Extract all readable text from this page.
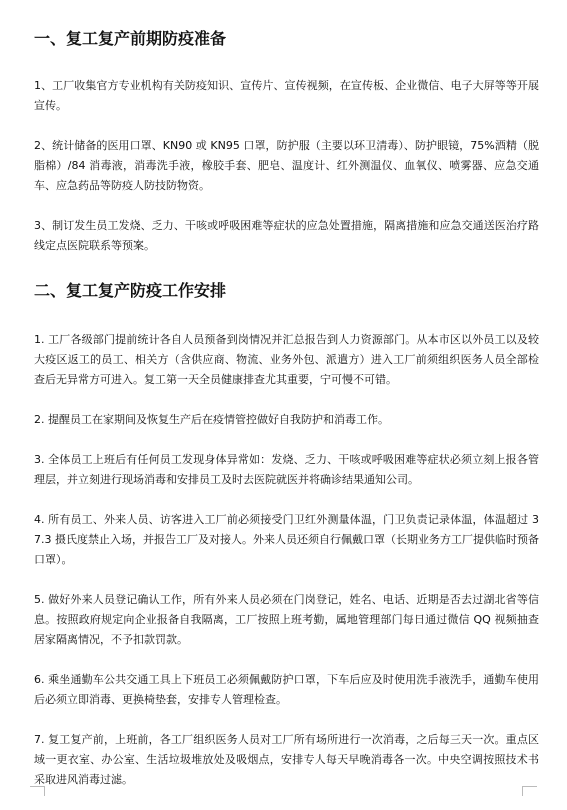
一、复工复产前期防疫准备

1、工厂收集官方专业机构有关防疫知识、宣传片、宣传视频，在宣传板、企业微信、电子大屏等等开展宣传。

2、统计储备的医用口罩、KN90 或 KN95 口罩，防护服（主要以环卫清毒）、防护眼镜，75%酒精（脱脂棉）/84 消毒液，消毒洗手液，橡胶手套、肥皂、温度计、红外测温仪、血氧仪、喷雾器、应急交通车、应急药品等防疫人防技防物资。

3、制订发生员工发烧、乏力、干咳或呼吸困难等症状的应急处置措施，隔离措施和应急交通送医治疗路线定点医院联系等预案。

二、复工复产防疫工作安排

1. 工厂各级部门提前统计各自人员预备到岗情况并汇总报告到人力资源部门。从本市区以外员工以及较大疫区返工的员工、相关方（含供应商、物流、业务外包、派遣方）进入工厂前须组织医务人员全部检查后无异常方可进入。复工第一天全员健康排查尤其重要，宁可慢不可错。

2. 提醒员工在家期间及恢复生产后在疫情管控做好自我防护和消毒工作。

3. 全体员工上班后有任何员工发现身体异常如：发烧、乏力、干咳或呼吸困难等症状必须立刻上报各管理层，并立刻进行现场消毒和安排员工及时去医院就医并将确诊结果通知公司。

4. 所有员工、外来人员、访客进入工厂前必须接受门卫红外测量体温，门卫负责记录体温，体温超过 37.3 摄氏度禁止入场，并报告工厂及对接人。外来人员还须自行佩戴口罩（长期业务方工厂提供临时预备口罩）。

5. 做好外来人员登记确认工作，所有外来人员必须在门岗登记，姓名、电话、近期是否去过湖北省等信息。按照政府规定向企业报备自我隔离，工厂按照上班考勤，属地管理部门每日通过微信 QQ 视频抽查居家隔离情况，不予扣款罚款。

6. 乘坐通勤车公共交通工具上下班员工必须佩戴防护口罩，下车后应及时使用洗手液洗手，通勤车使用后必须立即消毒、更换椅垫套，安排专人管理检查。

7. 复工复产前，上班前，各工厂组织医务人员对工厂所有场所进行一次消毒，之后每三天一次。重点区域一更衣室、办公室、生活垃圾堆放处及吸烟点，安排专人每天早晚消毒各一次。中央空调按照技术书采取进风消毒过滤。
